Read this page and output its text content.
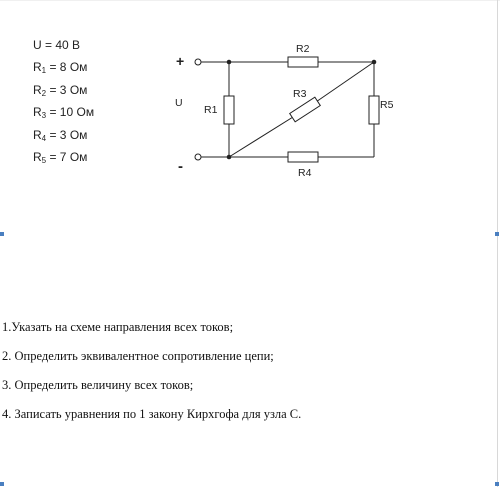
U = 40 В
$R_1 = 8$ Ом
$R_2 = 3$ Ом
$R_3 = 10$ Ом
$R_4 = 3$ Ом
$R_5 = 7$ Ом
+
-
U
R1
R2
R3
R4
R5
1.Указать на схеме направления всех токов;
2. Определить эквивалентное сопротивление цепи;
3. Определить величину всех токов;
4. Записать уравнения по 1 закону Кирхгофа для узла С.
